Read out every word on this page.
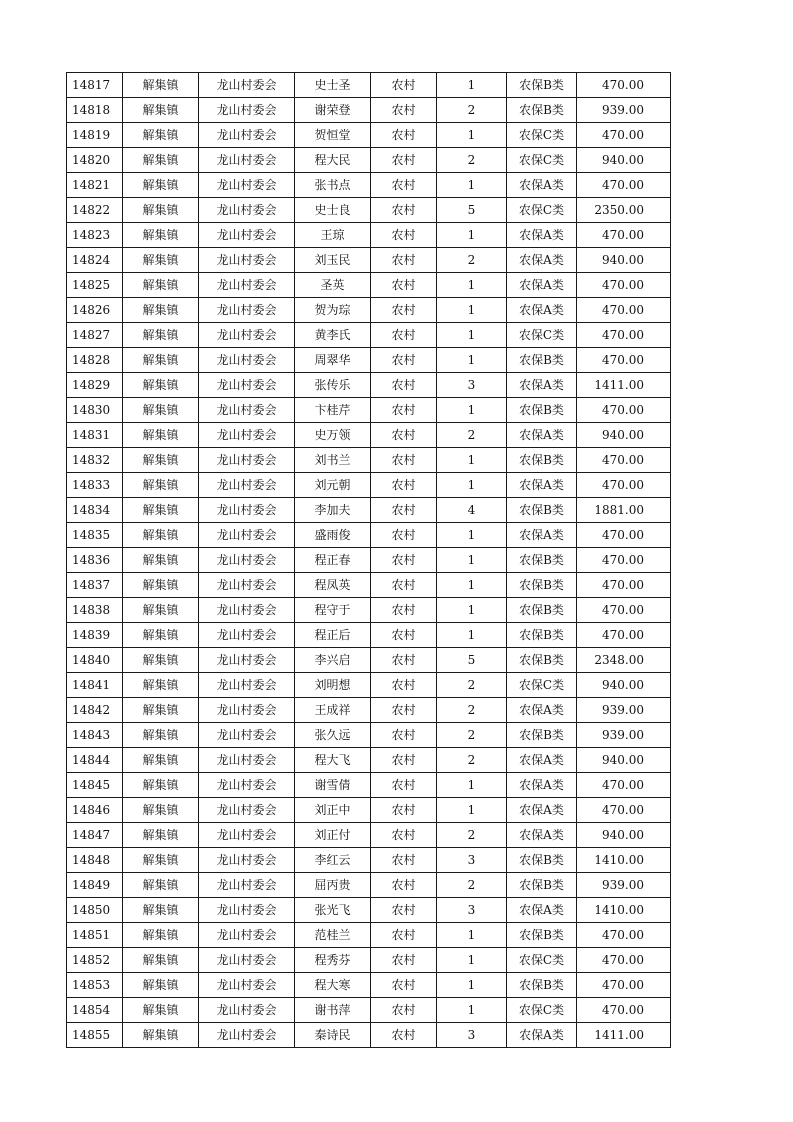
14817	解集镇	龙山村委会	史士圣	农村	1	农保B类	470.00
14818	解集镇	龙山村委会	谢荣登	农村	2	农保B类	939.00
14819	解集镇	龙山村委会	贺恒堂	农村	1	农保C类	470.00
14820	解集镇	龙山村委会	程大民	农村	2	农保C类	940.00
14821	解集镇	龙山村委会	张书点	农村	1	农保A类	470.00
14822	解集镇	龙山村委会	史士良	农村	5	农保C类	2350.00
14823	解集镇	龙山村委会	王琼	农村	1	农保A类	470.00
14824	解集镇	龙山村委会	刘玉民	农村	2	农保A类	940.00
14825	解集镇	龙山村委会	圣英	农村	1	农保A类	470.00
14826	解集镇	龙山村委会	贺为琮	农村	1	农保A类	470.00
14827	解集镇	龙山村委会	黄李氏	农村	1	农保C类	470.00
14828	解集镇	龙山村委会	周翠华	农村	1	农保B类	470.00
14829	解集镇	龙山村委会	张传乐	农村	3	农保A类	1411.00
14830	解集镇	龙山村委会	卞桂芹	农村	1	农保B类	470.00
14831	解集镇	龙山村委会	史万领	农村	2	农保A类	940.00
14832	解集镇	龙山村委会	刘书兰	农村	1	农保B类	470.00
14833	解集镇	龙山村委会	刘元朝	农村	1	农保A类	470.00
14834	解集镇	龙山村委会	李加夫	农村	4	农保B类	1881.00
14835	解集镇	龙山村委会	盛雨俊	农村	1	农保A类	470.00
14836	解集镇	龙山村委会	程正春	农村	1	农保B类	470.00
14837	解集镇	龙山村委会	程凤英	农村	1	农保B类	470.00
14838	解集镇	龙山村委会	程守于	农村	1	农保B类	470.00
14839	解集镇	龙山村委会	程正后	农村	1	农保B类	470.00
14840	解集镇	龙山村委会	李兴启	农村	5	农保B类	2348.00
14841	解集镇	龙山村委会	刘明想	农村	2	农保C类	940.00
14842	解集镇	龙山村委会	王成祥	农村	2	农保A类	939.00
14843	解集镇	龙山村委会	张久远	农村	2	农保B类	939.00
14844	解集镇	龙山村委会	程大飞	农村	2	农保A类	940.00
14845	解集镇	龙山村委会	谢雪倩	农村	1	农保A类	470.00
14846	解集镇	龙山村委会	刘正中	农村	1	农保A类	470.00
14847	解集镇	龙山村委会	刘正付	农村	2	农保A类	940.00
14848	解集镇	龙山村委会	李红云	农村	3	农保B类	1410.00
14849	解集镇	龙山村委会	屈丙贵	农村	2	农保B类	939.00
14850	解集镇	龙山村委会	张光飞	农村	3	农保A类	1410.00
14851	解集镇	龙山村委会	范桂兰	农村	1	农保B类	470.00
14852	解集镇	龙山村委会	程秀芬	农村	1	农保C类	470.00
14853	解集镇	龙山村委会	程大寒	农村	1	农保B类	470.00
14854	解集镇	龙山村委会	谢书萍	农村	1	农保C类	470.00
14855	解集镇	龙山村委会	秦诗民	农村	3	农保A类	1411.00
